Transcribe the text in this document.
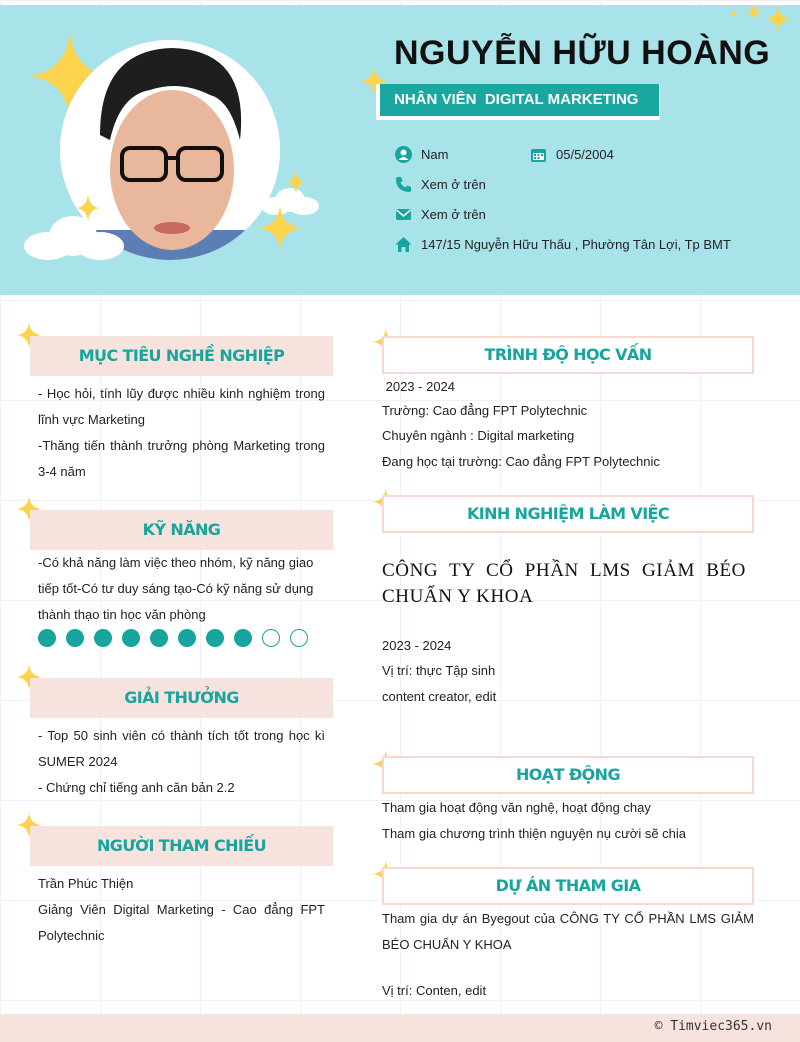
NGUYỄN HỮU HOÀNG
NHÂN VIÊN  DIGITAL MARKETING
Nam	05/5/2004
Xem ở trên
Xem ở trên
147/15 Nguyễn Hữu Thấu , Phường Tân Lợi, Tp BMT
MỤC TIÊU NGHỀ NGHIỆP
- Học hỏi, tính lũy được nhiều kinh nghiệm trong lĩnh vực Marketing
-Thăng tiến thành trưởng phòng Marketing trong 3-4 năm
KỸ NĂNG
-Có khả năng làm việc theo nhóm, kỹ năng giao tiếp tốt-Có tư duy sáng tạo-Có kỹ năng sử dụng thành thạo tin học văn phòng
GIẢI THƯỞNG
- Top 50 sinh viên có thành tích tốt trong học kì SUMER 2024
- Chứng chỉ tiếng anh căn bản 2.2
NGƯỜI THAM CHIẾU
Trần Phúc Thiện
Giảng Viên Digital Marketing - Cao đẳng FPT Polytechnic
TRÌNH ĐỘ HỌC VẤN
2023 - 2024
Trường: Cao đẳng FPT Polytechnic
Chuyên ngành : Digital marketing
Đang học tại trường: Cao đẳng FPT Polytechnic
KINH NGHIỆM LÀM VIỆC
CÔNG TY CỔ PHẦN LMS GIẢM BÉO CHUẨN Y KHOA
2023 - 2024
Vị trí: thực Tập sinh
content creator, edit
HOẠT ĐỘNG
Tham gia hoạt động văn nghệ, hoạt động chạy
Tham gia chương trình thiện nguyện nụ cười sẽ chia
DỰ ÁN THAM GIA
Tham gia dự án Byegout của CÔNG TY CỔ PHẦN LMS GIẢM BÉO CHUẨN Y KHOA
Vị trí: Conten, edit
© Timviec365.vn
